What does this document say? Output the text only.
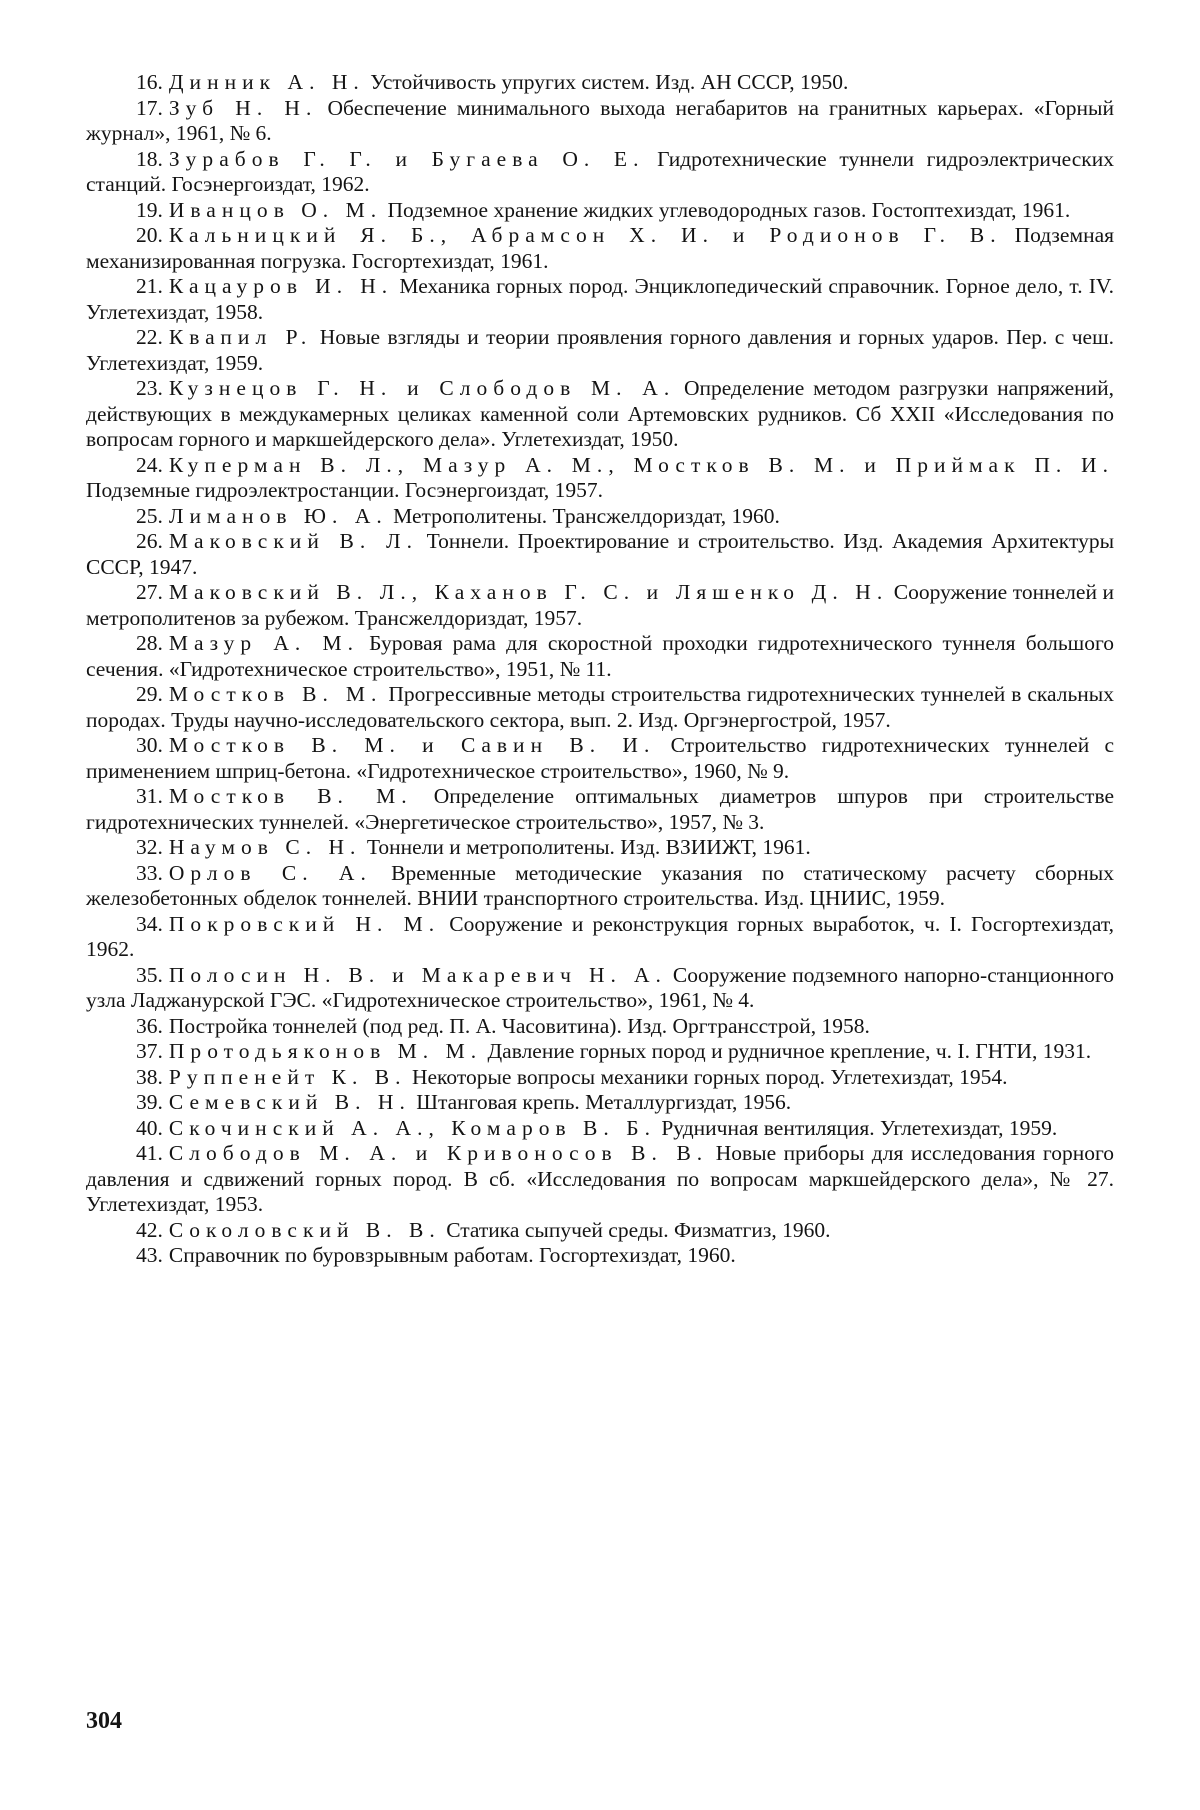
16. Динник А. Н. Устойчивость упругих систем. Изд. АН СССР, 1950.
17. Зуб Н. Н. Обеспечение минимального выхода негабаритов на гранитных карьерах. «Горный журнал», 1961, № 6.
18. Зурабов Г. Г. и Бугаева О. Е. Гидротехнические туннели гидроэлектрических станций. Госэнергоиздат, 1962.
19. Иванцов О. М. Подземное хранение жидких углеводородных газов. Гостоптехиздат, 1961.
20. Кальницкий Я. Б., Абрамсон Х. И. и Родионов Г. В. Подземная механизированная погрузка. Госгортехиздат, 1961.
21. Кацауров И. Н. Механика горных пород. Энциклопедический справочник. Горное дело, т. IV. Углетехиздат, 1958.
22. Квапил Р. Новые взгляды и теории проявления горного давления и горных ударов. Пер. с чеш. Углетехиздат, 1959.
23. Кузнецов Г. Н. и Слободов М. А. Определение методом разгрузки напряжений, действующих в междукамерных целиках каменной соли Артемовских рудников. Сб XXII «Исследования по вопросам горного и маркшейдерского дела». Углетехиздат, 1950.
24. Куперман В. Л., Мазур А. М., Мостков В. М. и Приймак П. И. Подземные гидроэлектростанции. Госэнергоиздат, 1957.
25. Лиманов Ю. А. Метрополитены. Трансжелдориздат, 1960.
26. Маковский В. Л. Тоннели. Проектирование и строительство. Изд. Академия Архитектуры СССР, 1947.
27. Маковский В. Л., Каханов Г. С. и Ляшенко Д. Н. Сооружение тоннелей и метрополитенов за рубежом. Трансжелдориздат, 1957.
28. Мазур А. М. Буровая рама для скоростной проходки гидротехнического туннеля большого сечения. «Гидротехническое строительство», 1951, № 11.
29. Мостков В. М. Прогрессивные методы строительства гидротехнических туннелей в скальных породах. Труды научно-исследовательского сектора, вып. 2. Изд. Оргэнергострой, 1957.
30. Мостков В. М. и Савин В. И. Строительство гидротехнических туннелей с применением шприц-бетона. «Гидротехническое строительство», 1960, № 9.
31. Мостков В. М. Определение оптимальных диаметров шпуров при строительстве гидротехнических туннелей. «Энергетическое строительство», 1957, № 3.
32. Наумов С. Н. Тоннели и метрополитены. Изд. ВЗИИЖТ, 1961.
33. Орлов С. А. Временные методические указания по статическому расчету сборных железобетонных обделок тоннелей. ВНИИ транспортного строительства. Изд. ЦНИИС, 1959.
34. Покровский Н. М. Сооружение и реконструкция горных выработок, ч. I. Госгортехиздат, 1962.
35. Полосин Н. В. и Макаревич Н. А. Сооружение подземного напорно-станционного узла Ладжанурской ГЭС. «Гидротехническое строительство», 1961, № 4.
36. Постройка тоннелей (под ред. П. А. Часовитина). Изд. Оргтрансстрой, 1958.
37. Протодьяконов М. М. Давление горных пород и рудничное крепление, ч. I. ГНТИ, 1931.
38. Руппенейт К. В. Некоторые вопросы механики горных пород. Углетехиздат, 1954.
39. Семевский В. Н. Штанговая крепь. Металлургиздат, 1956.
40. Скочинский А. А., Комаров В. Б. Рудничная вентиляция. Углетехиздат, 1959.
41. Слободов М. А. и Кривоносов В. В. Новые приборы для исследования горного давления и сдвижений горных пород. В сб. «Исследования по вопросам маркшейдерского дела», № 27. Углетехиздат, 1953.
42. Соколовский В. В. Статика сыпучей среды. Физматгиз, 1960.
43. Справочник по буровзрывным работам. Госгортехиздат, 1960.
304
